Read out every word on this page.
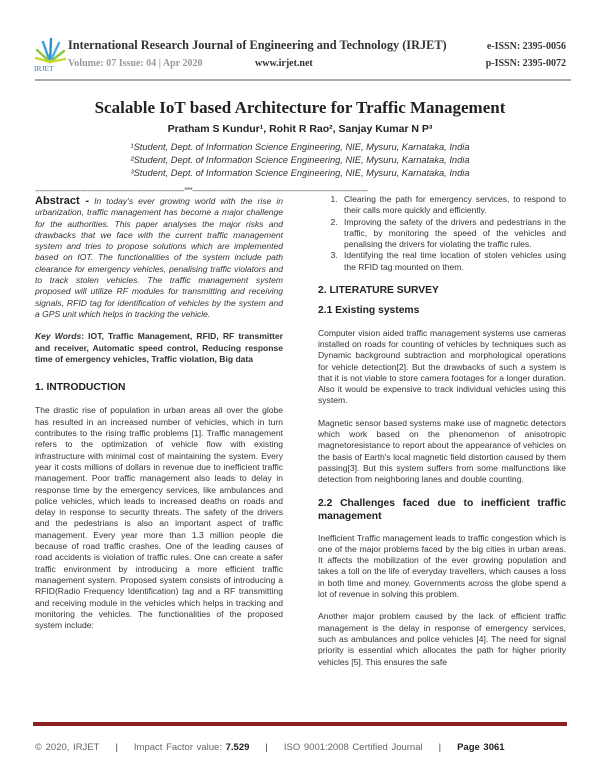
IRJET
International Research Journal of Engineering and Technology (IRJET)
Volume: 07 Issue: 04 | Apr 2020	www.irjet.net
e-ISSN: 2395-0056
p-ISSN: 2395-0072
Scalable IoT based Architecture for Traffic Management
Pratham S Kundur¹, Rohit R Rao², Sanjay Kumar N P³
¹Student, Dept. of Information Science Engineering, NIE, Mysuru, Karnataka, India
²Student, Dept. of Information Science Engineering, NIE, Mysuru, Karnataka, India
³Student, Dept. of Information Science Engineering, NIE, Mysuru, Karnataka, India
---------------------------------------------------------------------***---------------------------------------------------------------------------------

Abstract - In today's ever growing world with the rise in urbanization, traffic management has become a major challenge for the authorities. This paper analyses the major risks and drawbacks that we face with the current traffic management system and tries to propose solutions which are implemented based on IOT. The functionalities of the system include path clearance for emergency vehicles, penalising traffic violators and to track stolen vehicles. The traffic management system proposed will utilize RF modules for transmitting and receiving signals, RFID tag for identification of vehicles by the system and a GPS unit which helps in tracking the vehicle.

Key Words: IOT, Traffic Management, RFID, RF transmitter and receiver, Automatic speed control, Reducing response time of emergency vehicles, Traffic violation, Big data

1. INTRODUCTION

The drastic rise of population in urban areas all over the globe has resulted in an increased number of vehicles, which in turn contributes to the rising traffic problems [1]. Traffic management refers to the optimization of vehicle flow with existing infrastructure with minimal cost of maintaining the system. Every year it costs millions of dollars in revenue due to inefficient traffic management. Poor traffic management also leads to delay in response time by the emergency services, like ambulances and police vehicles, which leads to increased deaths on roads and delay in response to security threats. The safety of the drivers and the pedestrians is also an important aspect of traffic management. Every year more than 1.3 million people die because of road traffic crashes. One of the leading causes of road accidents is violation of traffic rules. One can create a safer traffic environment by introducing a more efficient traffic management system. Proposed system consists of introducing a RFID(Radio Frequency Identification) tag and a RF transmitting and receiving module in the vehicles which helps in tracking and monitoring the vehicles. The functionalities of the proposed system include:

1. Clearing the path for emergency services, to respond to their calls more quickly and efficiently.
2. Improving the safety of the drivers and pedestrians in the traffic, by monitoring the speed of the vehicles and penalising the drivers for violating the traffic rules.
3. Identifying the real time location of stolen vehicles using the RFID tag mounted on them.
2. LITERATURE SURVEY
2.1 Existing systems

Computer vision aided traffic management systems use cameras installed on roads for counting of vehicles by techniques such as Dynamic background subtraction and morphological operations for vehicle detection[2]. But the drawbacks of such a system is that it is not viable to store camera footages for a longer duration. Also it would be expensive to track individual vehicles using this system.

Magnetic sensor based systems make use of magnetic detectors which work based on the phenomenon of anisotropic magnetoresistance to report about the appearance of vehicles on the basis of Earth's local magnetic field distortion caused by them passing[3]. But this system suffers from some malfunctions like detection from neighboring lanes and double counting.

2.2 Challenges faced due to inefficient traffic management

Inefficient Traffic management leads to traffic congestion which is one of the major problems faced by the big cities in urban areas. It affects the mobilization of the ever growing population and takes a toll on the life of everyday travellers, which causes a loss in both time and money. Governments across the globe spend a lot of revenue in solving this problem.

Another major problem caused by the lack of efficient traffic management is the delay in response of emergency services, such as ambulances and police vehicles [4]. The need for signal priority is essential which allocates the path for higher priority vehicles [5]. This ensures the safe

© 2020, IRJET | Impact Factor value: 7.529 | ISO 9001:2008 Certified Journal | Page 3061
